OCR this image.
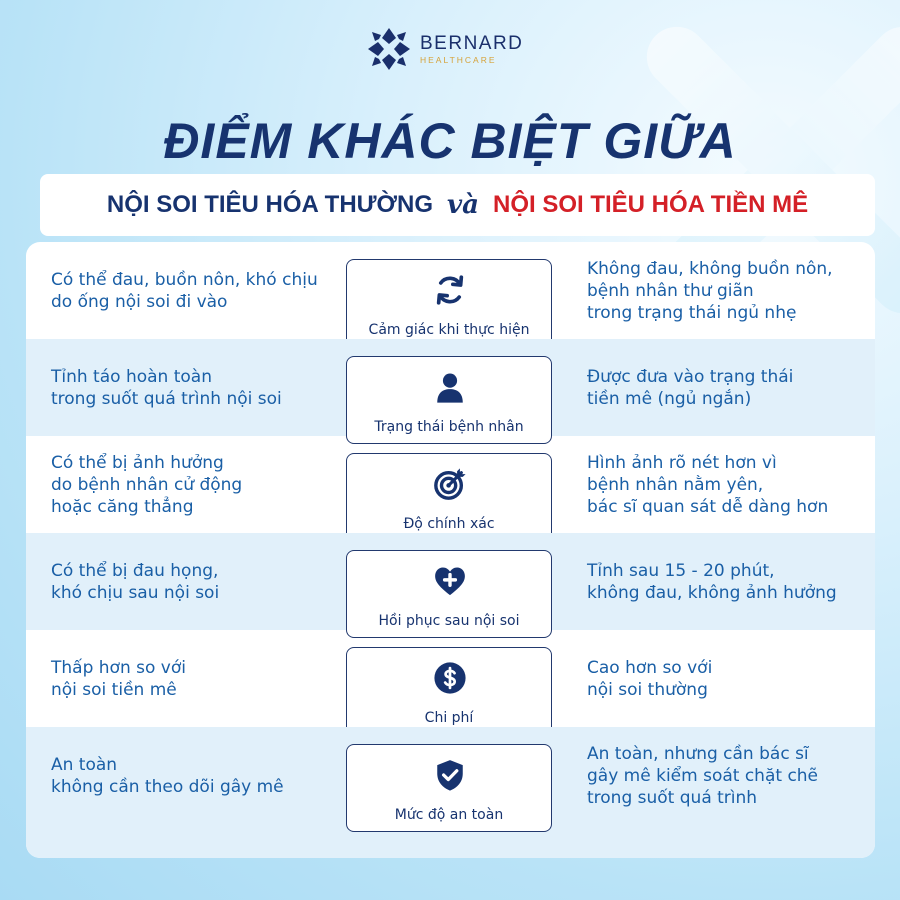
BERNARD
HEALTHCARE
ĐIỂM KHÁC BIỆT GIỮA
NỘI SOI TIÊU HÓA THƯỜNG và NỘI SOI TIÊU HÓA TIỀN MÊ
Có thể đau, buồn nôn, khó chịu
do ống nội soi đi vào
Cảm giác khi thực hiện
Không đau, không buồn nôn,
bệnh nhân thư giãn
trong trạng thái ngủ nhẹ
Tỉnh táo hoàn toàn
trong suốt quá trình nội soi
Trạng thái bệnh nhân
Được đưa vào trạng thái
tiền mê (ngủ ngắn)
Có thể bị ảnh hưởng
do bệnh nhân cử động
hoặc căng thẳng
Độ chính xác
Hình ảnh rõ nét hơn vì
bệnh nhân nằm yên,
bác sĩ quan sát dễ dàng hơn
Có thể bị đau họng,
khó chịu sau nội soi
Hồi phục sau nội soi
Tỉnh sau 15 - 20 phút,
không đau, không ảnh hưởng
Thấp hơn so với
nội soi tiền mê
Chi phí
Cao hơn so với
nội soi thường
An toàn
không cần theo dõi gây mê
Mức độ an toàn
An toàn, nhưng cần bác sĩ
gây mê kiểm soát chặt chẽ
trong suốt quá trình
